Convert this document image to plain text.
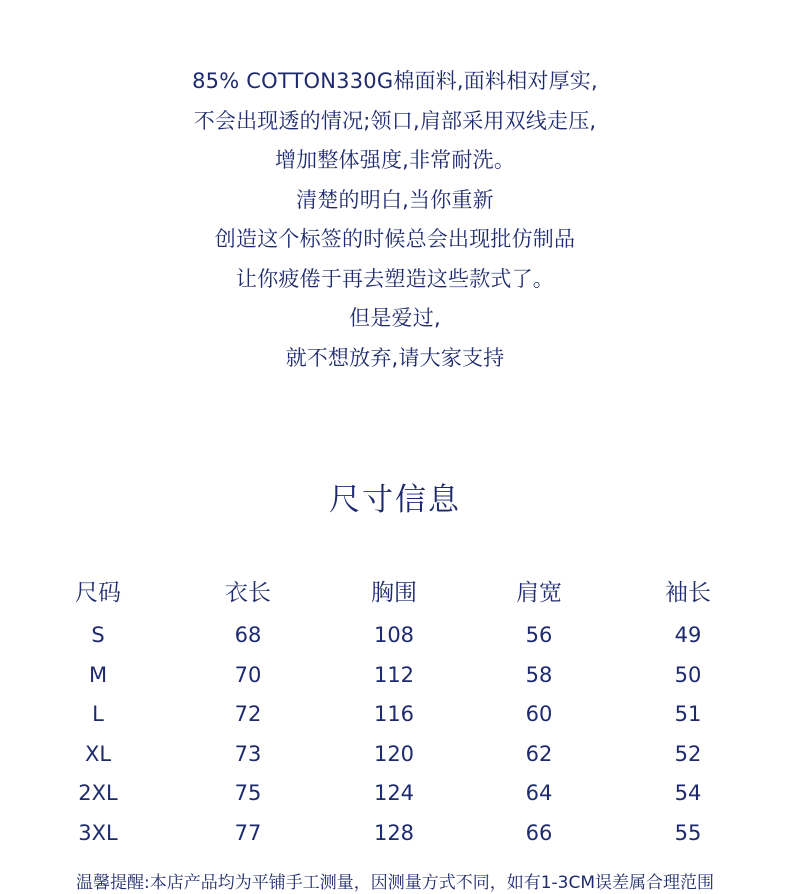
85% COTTON330G棉面料,面料相对厚实,
不会出现透的情况;领口,肩部采用双线走压,
增加整体强度,非常耐洗。
清楚的明白,当你重新
创造这个标签的时候总会出现批仿制品
让你疲倦于再去塑造这些款式了。
但是爱过,
就不想放弃,请大家支持
尺寸信息
尺码	衣长	胸围	肩宽	袖长
S	68	108	56	49
M	70	112	58	50
L	72	116	60	51
XL	73	120	62	52
2XL	75	124	64	54
3XL	77	128	66	55
温馨提醒:本店产品均为平铺手工测量，因测量方式不同，如有1-3CM误差属合理范围
